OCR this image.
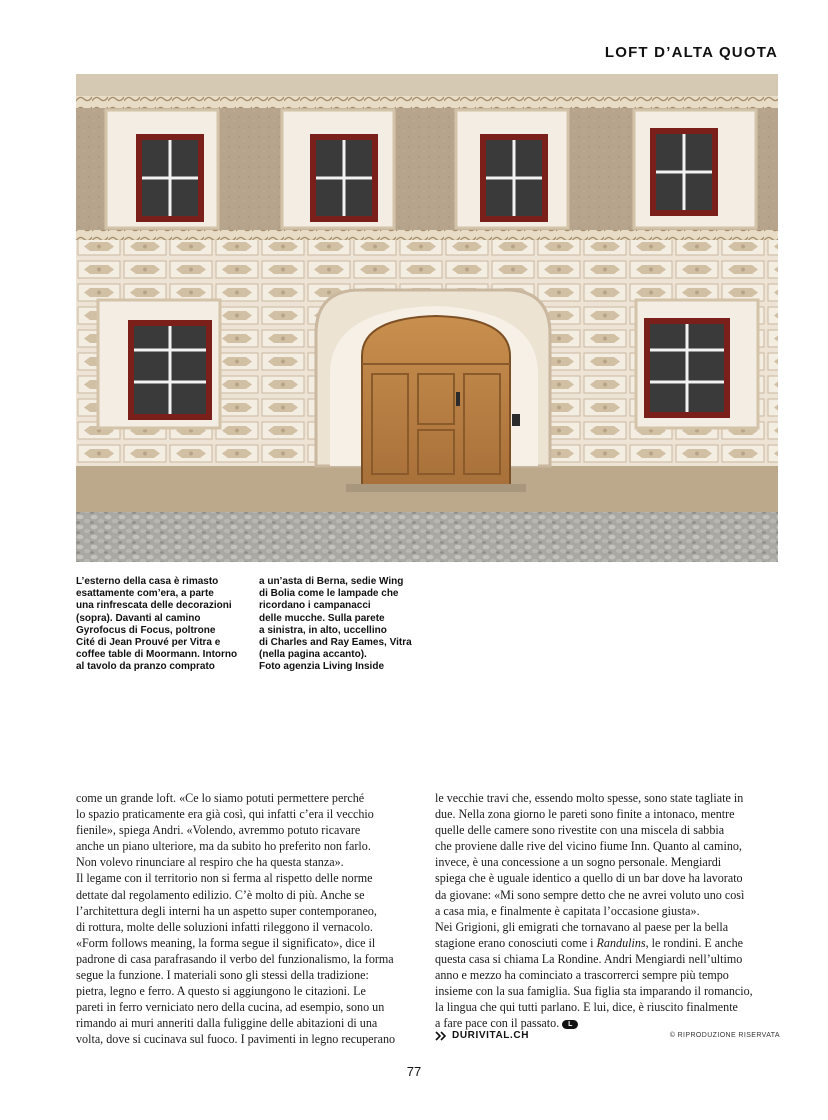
LOFT D’ALTA QUOTA
L’esterno della casa è rimasto
esattamente com’era, a parte
una rinfrescata delle decorazioni
(sopra). Davanti al camino
Gyrofocus di Focus, poltrone
Cité di Jean Prouvé per Vitra e
coffee table di Moormann. Intorno
al tavolo da pranzo comprato
a un’asta di Berna, sedie Wing
di Bolia come le lampade che
ricordano i campanacci
delle mucche. Sulla parete
a sinistra, in alto, uccellino
di Charles and Ray Eames, Vitra
(nella pagina accanto).
Foto agenzia Living Inside
come un grande loft. «Ce lo siamo potuti permettere perché
lo spazio praticamente era già così, qui infatti c’era il vecchio
fienile», spiega Andri. «Volendo, avremmo potuto ricavare
anche un piano ulteriore, ma da subito ho preferito non farlo.
Non volevo rinunciare al respiro che ha questa stanza».
Il legame con il territorio non si ferma al rispetto delle norme
dettate dal regolamento edilizio. C’è molto di più. Anche se
l’architettura degli interni ha un aspetto super contemporaneo,
di rottura, molte delle soluzioni infatti rileggono il vernacolo.
«Form follows meaning, la forma segue il significato», dice il
padrone di casa parafrasando il verbo del funzionalismo, la forma
segue la funzione. I materiali sono gli stessi della tradizione:
pietra, legno e ferro. A questo si aggiungono le citazioni. Le
pareti in ferro verniciato nero della cucina, ad esempio, sono un
rimando ai muri anneriti dalla fuliggine delle abitazioni di una
volta, dove si cucinava sul fuoco. I pavimenti in legno recuperano
le vecchie travi che, essendo molto spesse, sono state tagliate in
due. Nella zona giorno le pareti sono finite a intonaco, mentre
quelle delle camere sono rivestite con una miscela di sabbia
che proviene dalle rive del vicino fiume Inn. Quanto al camino,
invece, è una concessione a un sogno personale. Mengiardi
spiega che è uguale identico a quello di un bar dove ha lavorato
da giovane: «Mi sono sempre detto che ne avrei voluto uno così
a casa mia, e finalmente è capitata l’occasione giusta».
Nei Grigioni, gli emigrati che tornavano al paese per la bella
stagione erano conosciuti come i Randulins, le rondini. E anche
questa casa si chiama La Rondine. Andri Mengiardi nell’ultimo
anno e mezzo ha cominciato a trascorrerci sempre più tempo
insieme con la sua famiglia. Sua figlia sta imparando il romancio,
la lingua che qui tutti parlano. E lui, dice, è riuscito finalmente
a fare pace con il passato. L
DURIVITAL.CH	© RIPRODUZIONE RISERVATA
77
